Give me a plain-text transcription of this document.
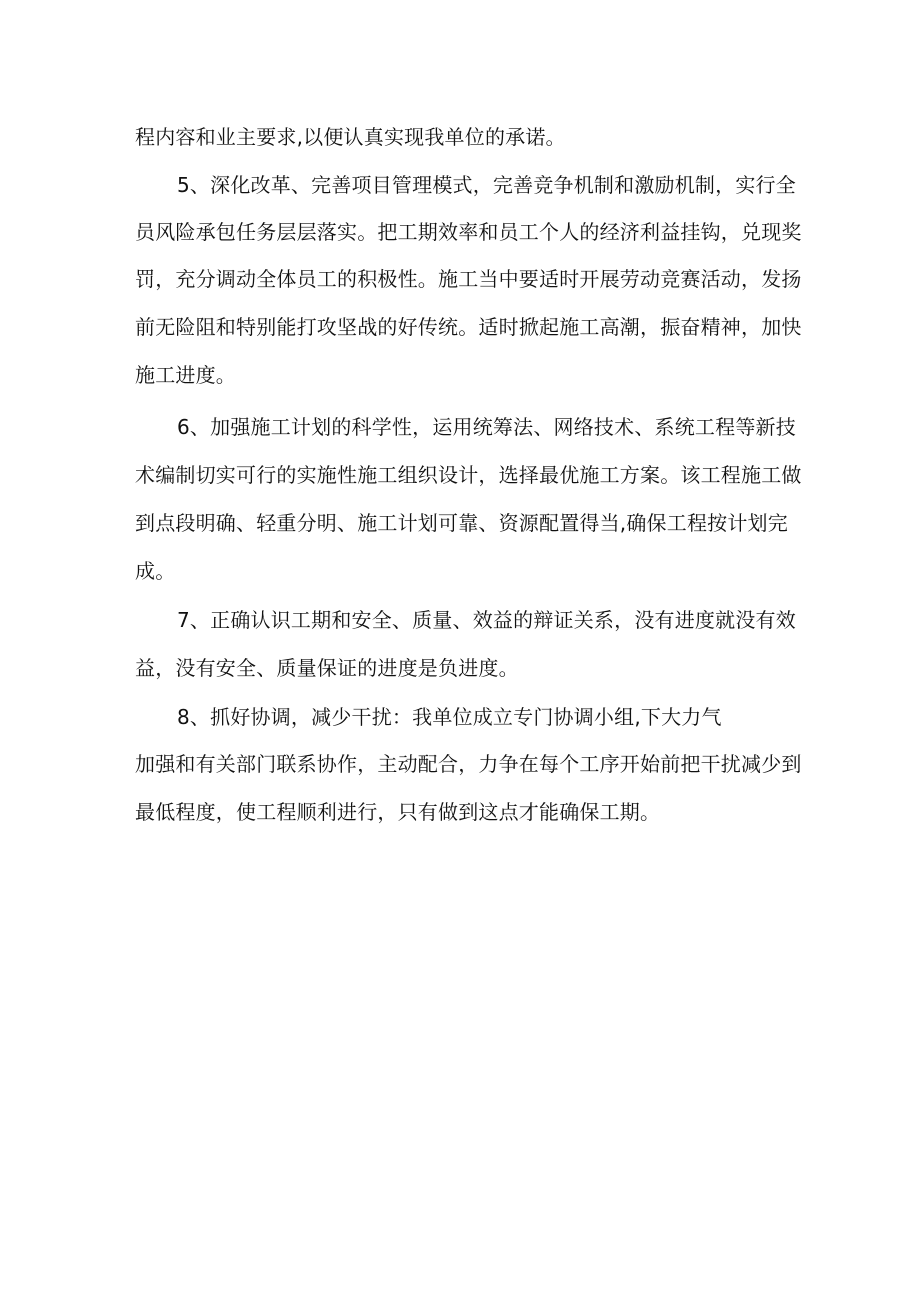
程内容和业主要求,以便认真实现我单位的承诺。
5、深化改革、完善项目管理模式，完善竞争机制和激励机制，实行全
员风险承包任务层层落实。把工期效率和员工个人的经济利益挂钩，兑现奖
罚，充分调动全体员工的积极性。施工当中要适时开展劳动竞赛活动，发扬
前无险阻和特别能打攻坚战的好传统。适时掀起施工高潮，振奋精神，加快
施工进度。
6、加强施工计划的科学性，运用统筹法、网络技术、系统工程等新技
术编制切实可行的实施性施工组织设计，选择最优施工方案。该工程施工做
到点段明确、轻重分明、施工计划可靠、资源配置得当,确保工程按计划完
成。
7、正确认识工期和安全、质量、效益的辩证关系，没有进度就没有效
益，没有安全、质量保证的进度是负进度。
8、抓好协调，减少干扰：我单位成立专门协调小组,下大力气
加强和有关部门联系协作，主动配合，力争在每个工序开始前把干扰减少到
最低程度，使工程顺利进行，只有做到这点才能确保工期。
